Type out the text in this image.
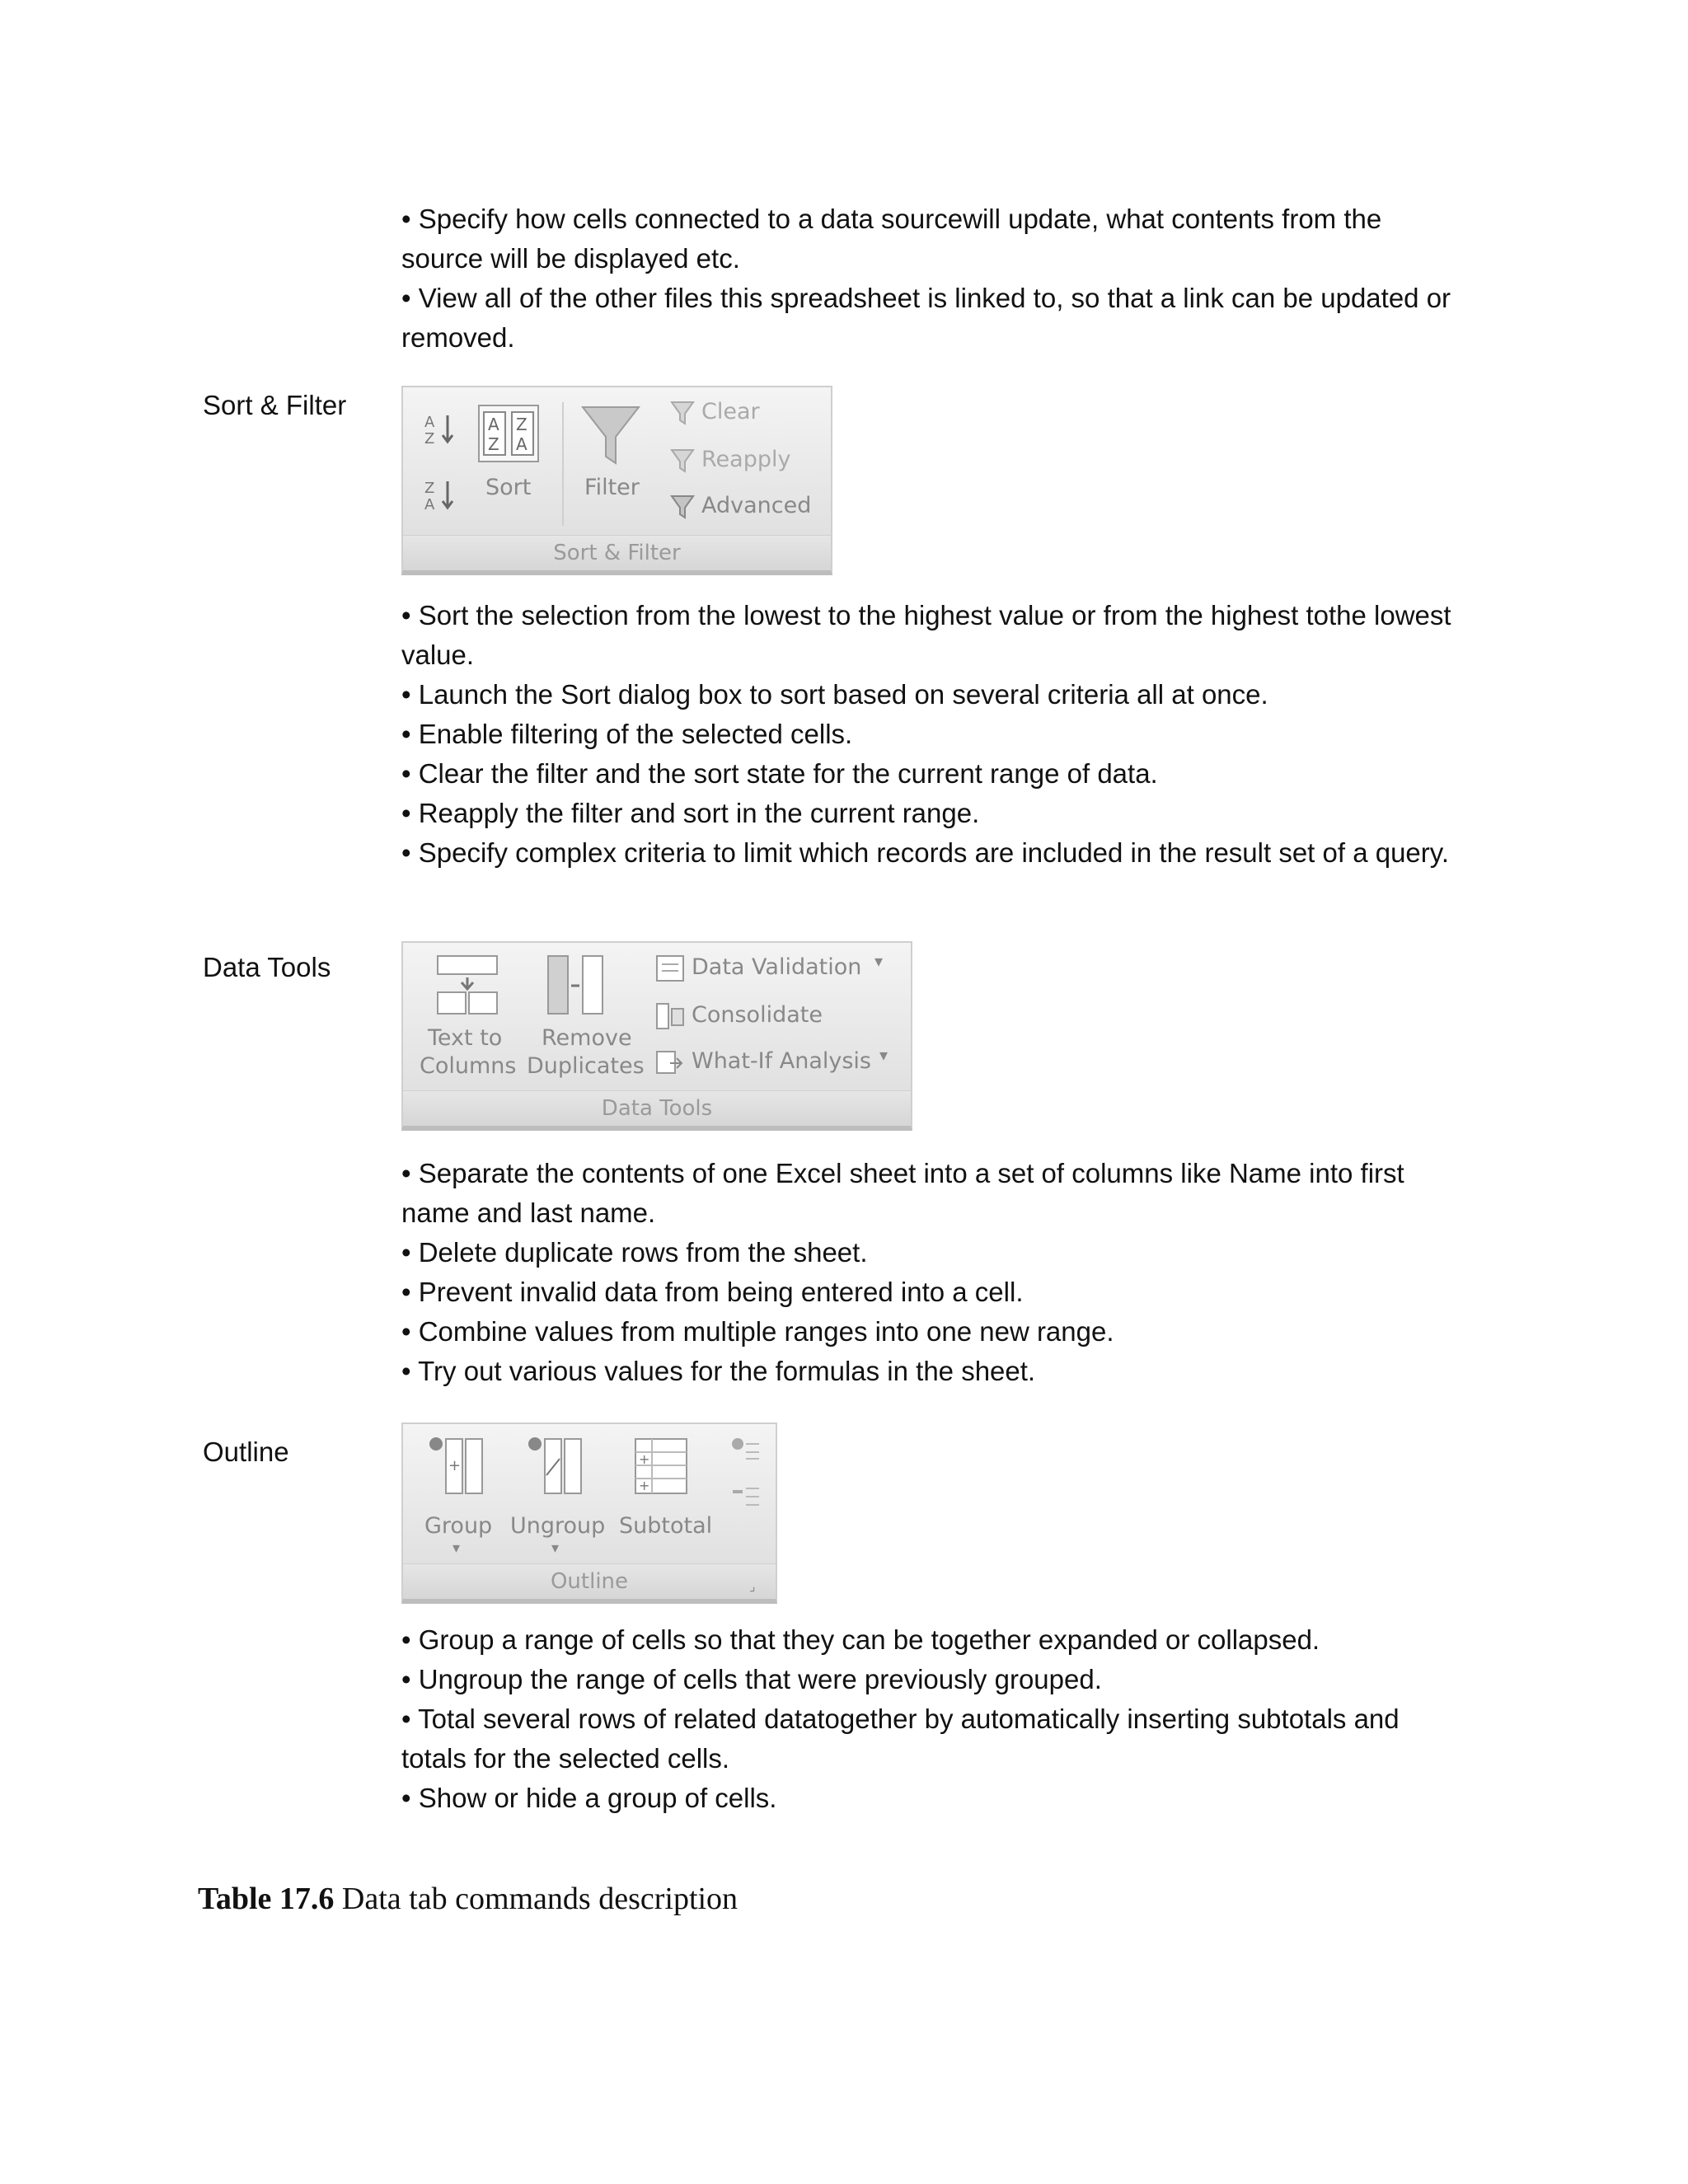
• Specify how cells connected to a data sourcewill update, what contents from the source will be displayed etc.
• View all of the other files this spreadsheet is linked to, so that a link can be updated or removed.

Sort & Filter

A
Z
Z
A
A
Z
Z
A
Sort Filter
Clear
Reapply
Advanced
Sort & Filter
• Sort the selection from the lowest to the highest value or from the highest tothe lowest value.
• Launch the Sort dialog box to sort based on several criteria all at once.
• Enable filtering of the selected cells.
• Clear the filter and the sort state for the current range of data.
• Reapply the filter and sort in the current range.
• Specify complex criteria to limit which records are included in the result set of a query.

Data Tools

Text to
Columns
Remove
Duplicates
Data Validation ▾
Consolidate
What-If Analysis ▾
Data Tools
• Separate the contents of one Excel sheet into a set of columns like Name into first name and last name.
• Delete duplicate rows from the sheet.
• Prevent invalid data from being entered into a cell.
• Combine values from multiple ranges into one new range.
• Try out various values for the formulas in the sheet.

Outline	+
Group
▾
Ungroup
▾
+
+
Subtotal
Outline	⌟
• Group a range of cells so that they can be together expanded or collapsed.
• Ungroup the range of cells that were previously grouped.
• Total several rows of related datatogether by automatically inserting subtotals and totals for the selected cells.
• Show or hide a group of cells.

Table 17.6 Data tab commands description
